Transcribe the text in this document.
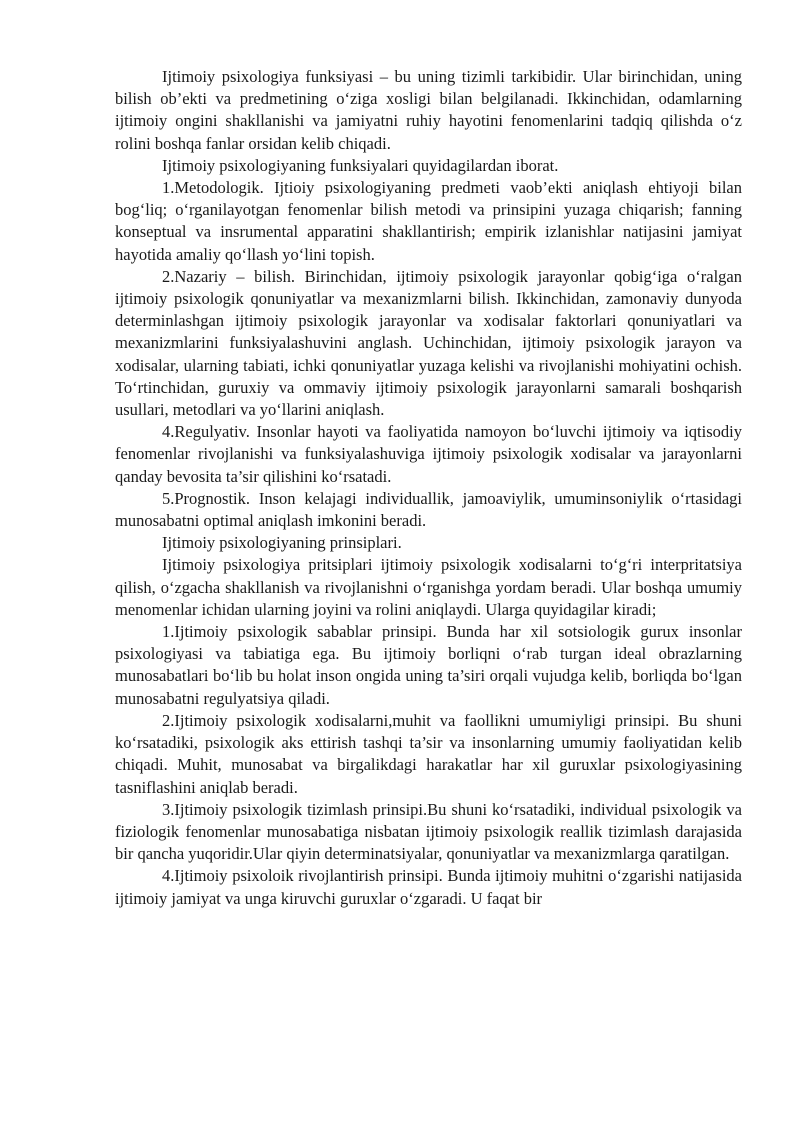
Ijtimoiy psixologiya funksiyasi – bu uning tizimli tarkibidir. Ular birinchidan, uning bilish ob’ekti va predmetining o‘ziga xosligi bilan belgilanadi. Ikkinchidan, odamlarning ijtimoiy ongini shakllanishi va jamiyatni ruhiy hayotini fenomenlarini tadqiq qilishda o‘z rolini boshqa fanlar orsidan kelib chiqadi.

Ijtimoiy psixologiyaning funksiyalari quyidagilardan iborat.

1.Metodologik. Ijtioiy psixologiyaning predmeti vaob’ekti aniqlash ehtiyoji bilan bog‘liq; o‘rganilayotgan fenomenlar bilish metodi va prinsipini yuzaga chiqarish; fanning konseptual va insrumental apparatini shakllantirish; empirik izlanishlar natijasini jamiyat hayotida amaliy qo‘llash yo‘lini topish.

2.Nazariy – bilish. Birinchidan, ijtimoiy psixologik jarayonlar qobig‘iga o‘ralgan ijtimoiy psixologik qonuniyatlar va mexanizmlarni bilish. Ikkinchidan, zamonaviy dunyoda determinlashgan ijtimoiy psixologik jarayonlar va xodisalar faktorlari qonuniyatlari va mexanizmlarini funksiyalashuvini anglash. Uchinchidan, ijtimoiy psixologik jarayon va xodisalar, ularning tabiati, ichki qonuniyatlar yuzaga kelishi va rivojlanishi mohiyatini ochish. To‘rtinchidan, guruxiy va ommaviy ijtimoiy psixologik jarayonlarni samarali boshqarish usullari, metodlari va yo‘llarini aniqlash.

4.Regulyativ. Insonlar hayoti va faoliyatida namoyon bo‘luvchi ijtimoiy va iqtisodiy fenomenlar rivojlanishi va funksiyalashuviga ijtimoiy psixologik xodisalar va jarayonlarni qanday bevosita ta’sir qilishini ko‘rsatadi.

5.Prognostik. Inson kelajagi individuallik, jamoaviylik, umuminsoniylik o‘rtasidagi munosabatni optimal aniqlash imkonini beradi.

Ijtimoiy psixologiyaning prinsiplari.

Ijtimoiy psixologiya pritsiplari ijtimoiy psixologik xodisalarni to‘g‘ri interpritatsiya qilish, o‘zgacha shakllanish va rivojlanishni o‘rganishga yordam beradi. Ular boshqa umumiy menomenlar ichidan ularning joyini va rolini aniqlaydi. Ularga quyidagilar kiradi;

1.Ijtimoiy psixologik sabablar prinsipi. Bunda har xil sotsiologik gurux insonlar psixologiyasi va tabiatiga ega. Bu ijtimoiy borliqni o‘rab turgan ideal obrazlarning munosabatlari bo‘lib bu holat inson ongida uning ta’siri orqali vujudga kelib, borliqda bo‘lgan munosabatni regulyatsiya qiladi.

2.Ijtimoiy psixologik xodisalarni,muhit va faollikni umumiyligi prinsipi. Bu shuni ko‘rsatadiki, psixologik aks ettirish tashqi ta’sir va insonlarning umumiy faoliyatidan kelib chiqadi. Muhit, munosabat va birgalikdagi harakatlar har xil guruxlar psixologiyasining tasniflashini aniqlab beradi.

3.Ijtimoiy psixologik tizimlash prinsipi.Bu shuni ko‘rsatadiki, individual psixologik va fiziologik fenomenlar munosabatiga nisbatan ijtimoiy psixologik reallik tizimlash darajasida bir qancha yuqoridir.Ular qiyin determinatsiyalar, qonuniyatlar va mexanizmlarga qaratilgan.

4.Ijtimoiy psixoloik rivojlantirish prinsipi. Bunda ijtimoiy muhitni o‘zgarishi natijasida ijtimoiy jamiyat va unga kiruvchi guruxlar o‘zgaradi. U faqat bir
